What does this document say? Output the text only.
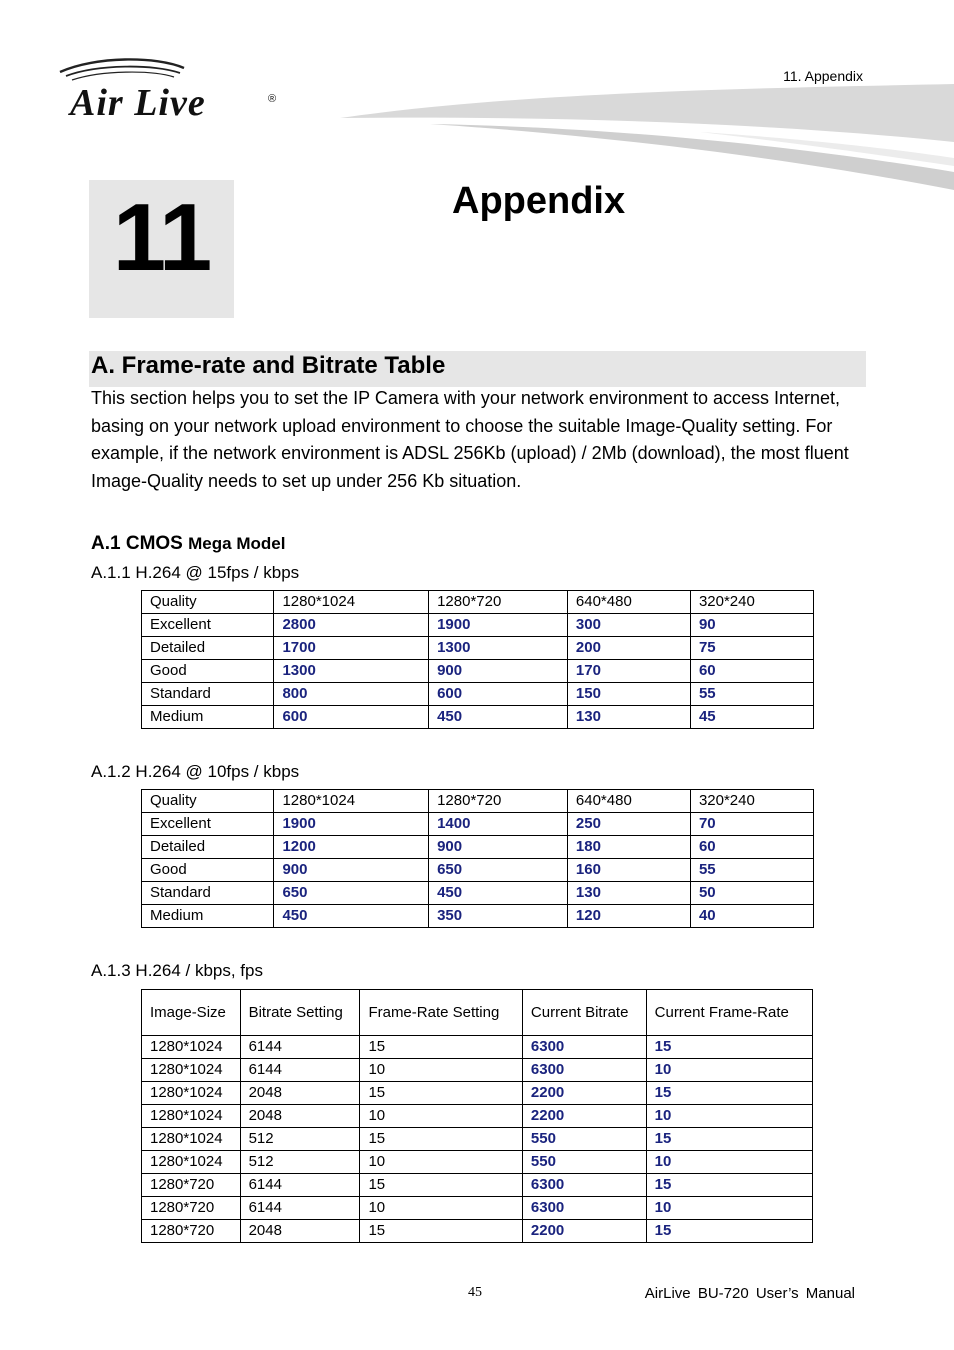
Air Live	®
11. Appendix
11	Appendix
A. Frame-rate and Bitrate Table
This section helps you to set the IP Camera with your network environment to access Internet, basing on your network upload environment to choose the suitable Image-Quality setting. For example, if the network environment is ADSL 256Kb (upload) / 2Mb (download), the most fluent Image-Quality needs to set up under 256 Kb situation.
A.1 CMOS Mega Model
A.1.1 H.264 @ 15fps / kbps
Quality	1280*1024	1280*720	640*480	320*240
Excellent	2800	1900	300	90
Detailed	1700	1300	200	75
Good	1300	900	170	60
Standard	800	600	150	55
Medium	600	450	130	45
A.1.2 H.264 @ 10fps / kbps
Quality	1280*1024	1280*720	640*480	320*240
Excellent	1900	1400	250	70
Detailed	1200	900	180	60
Good	900	650	160	55
Standard	650	450	130	50
Medium	450	350	120	40
A.1.3 H.264 / kbps, fps
Image-Size	Bitrate Setting	Frame-Rate Setting	Current Bitrate	Current Frame-Rate
1280*1024	6144	15	6300	15
1280*1024	6144	10	6300	10
1280*1024	2048	15	2200	15
1280*1024	2048	10	2200	10
1280*1024	512	15	550	15
1280*1024	512	10	550	10
1280*720	6144	15	6300	15
1280*720	6144	10	6300	10
1280*720	2048	15	2200	15
45	AirLive BU-720 User’s Manual
